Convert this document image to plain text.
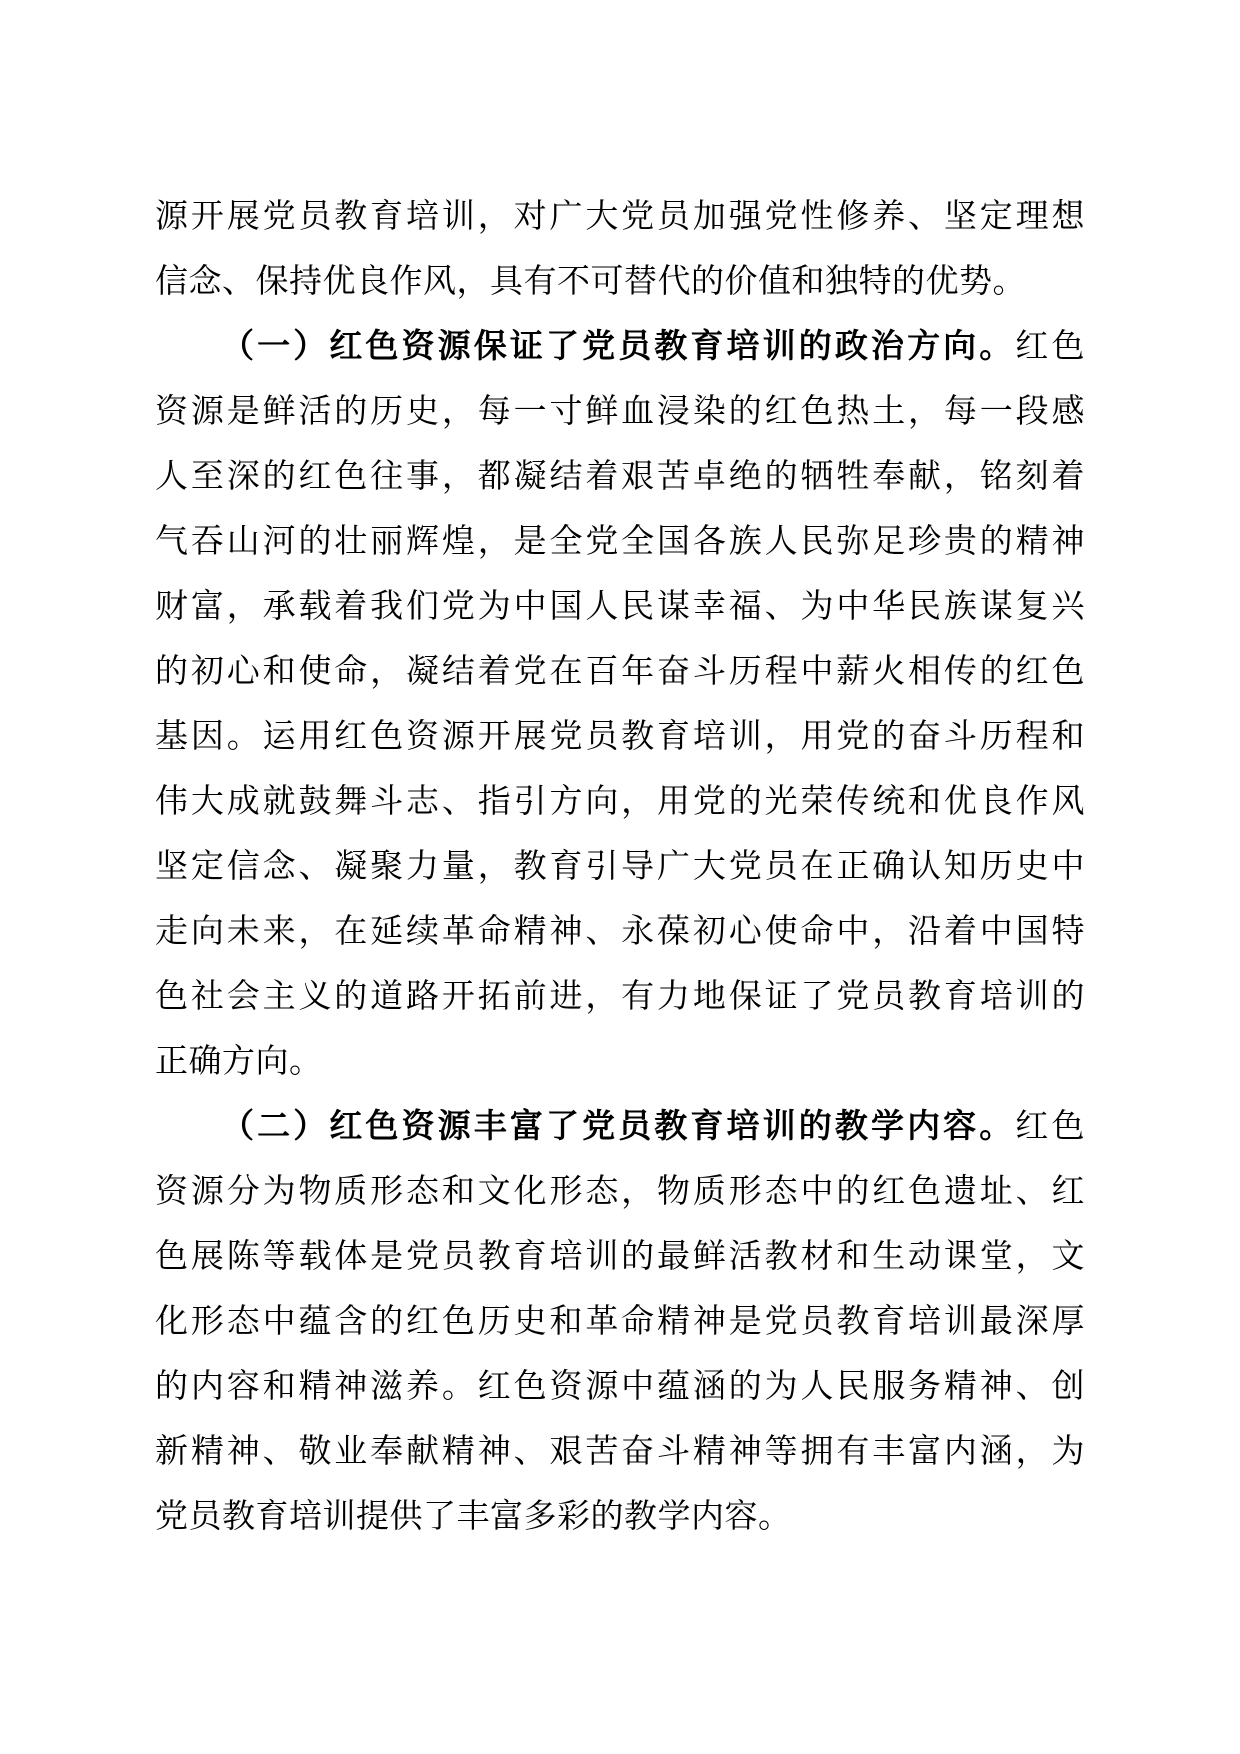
源开展党员教育培训，对广大党员加强党性修养、坚定理想
信念、保持优良作风，具有不可替代的价值和独特的优势。
（一）红色资源保证了党员教育培训的政治方向。红色
资源是鲜活的历史，每一寸鲜血浸染的红色热土，每一段感
人至深的红色往事，都凝结着艰苦卓绝的牺牲奉献，铭刻着
气吞山河的壮丽辉煌，是全党全国各族人民弥足珍贵的精神
财富，承载着我们党为中国人民谋幸福、为中华民族谋复兴
的初心和使命，凝结着党在百年奋斗历程中薪火相传的红色
基因。运用红色资源开展党员教育培训，用党的奋斗历程和
伟大成就鼓舞斗志、指引方向，用党的光荣传统和优良作风
坚定信念、凝聚力量，教育引导广大党员在正确认知历史中
走向未来，在延续革命精神、永葆初心使命中，沿着中国特
色社会主义的道路开拓前进，有力地保证了党员教育培训的
正确方向。
（二）红色资源丰富了党员教育培训的教学内容。红色
资源分为物质形态和文化形态，物质形态中的红色遗址、红
色展陈等载体是党员教育培训的最鲜活教材和生动课堂，文
化形态中蕴含的红色历史和革命精神是党员教育培训最深厚
的内容和精神滋养。红色资源中蕴涵的为人民服务精神、创
新精神、敬业奉献精神、艰苦奋斗精神等拥有丰富内涵，为
党员教育培训提供了丰富多彩的教学内容。
